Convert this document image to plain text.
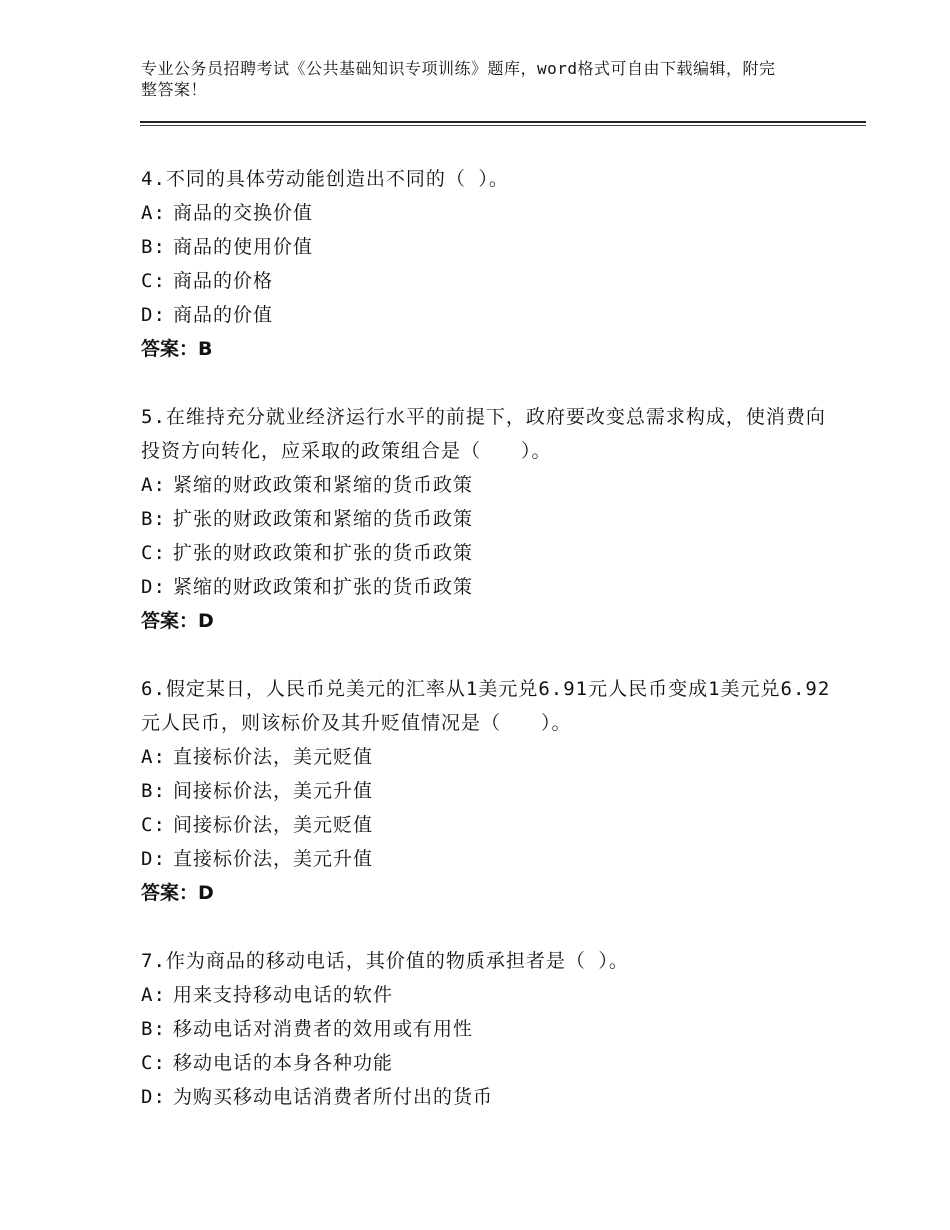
专业公务员招聘考试《公共基础知识专项训练》题库，word格式可自由下载编辑，附完整答案！

4.不同的具体劳动能创造出不同的（ ）。

A: 商品的交换价值

B: 商品的使用价值

C: 商品的价格

D: 商品的价值

答案：B

5.在维持充分就业经济运行水平的前提下，政府要改变总需求构成，使消费向投资方向转化，应采取的政策组合是（　　）。

A: 紧缩的财政政策和紧缩的货币政策

B: 扩张的财政政策和紧缩的货币政策

C: 扩张的财政政策和扩张的货币政策

D: 紧缩的财政政策和扩张的货币政策

答案：D

6.假定某日，人民币兑美元的汇率从1美元兑6.91元人民币变成1美元兑6.92元人民币，则该标价及其升贬值情况是（　　）。

A: 直接标价法，美元贬值

B: 间接标价法，美元升值

C: 间接标价法，美元贬值

D: 直接标价法，美元升值

答案：D

7.作为商品的移动电话，其价值的物质承担者是（ ）。

A: 用来支持移动电话的软件

B: 移动电话对消费者的效用或有用性

C: 移动电话的本身各种功能

D: 为购买移动电话消费者所付出的货币
